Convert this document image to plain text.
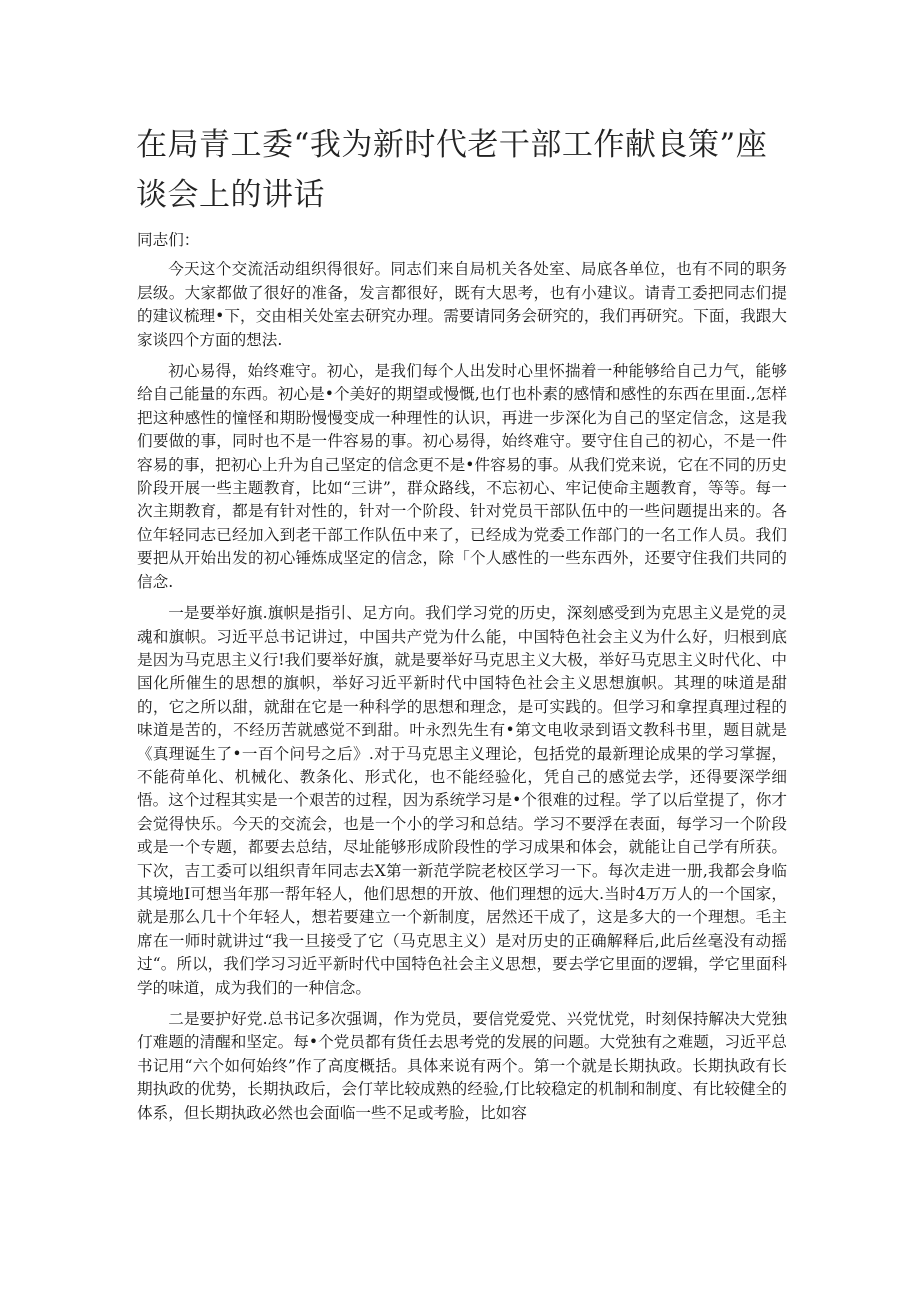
在局青工委“我为新时代老干部工作献良策”座谈会上的讲话

同志们：

今天这个交流活动组织得很好。同志们来自局机关各处室、局底各单位，也有不同的职务层级。大家都做了很好的准备，发言都很好，既有大思考，也有小建议。请青工委把同志们提的建议梳理•下，交由相关处室去研究办理。需要请同务会研究的，我们再研究。下面，我跟大家谈四个方面的想法.

初心易得，始终难守。初心，是我们每个人出发时心里怀揣着一种能够给自己力气，能够给自己能量的东西。初心是•个美好的期望或慢慨,也仃也朴素的感情和感性的东西在里面.,怎样把这种感性的憧怪和期盼慢慢变成一种理性的认识，再进一步深化为自己的坚定信念，这是我们要做的事，同时也不是一件容易的事。初心易得，始终难守。要守住自己的初心，不是一件容易的事，把初心上升为自己坚定的信念更不是•件容易的事。从我们党来说，它在不同的历史阶段开展一些主题教育，比如“三讲”，群众路线，不忘初心、牢记使命主题教育，等等。每一次主期教育，都是有针对性的，针对一个阶段、针对党员干部队伍中的一些问题提出来的。各位年轻同志已经加入到老干部工作队伍中来了，已经成为党委工作部门的一名工作人员。我们要把从开始出发的初心锤炼成坚定的信念，除「个人感性的一些东西外，还要守住我们共同的信念.

一是要举好旗.旗帜是指引、足方向。我们学习党的历史，深刻感受到为克思主义是党的灵魂和旗帜。习近平总书记讲过，中国共产党为什么能，中国特色社会主义为什么好，归根到底是因为马克思主义行!我们要举好旗，就是要举好马克思主义大极，举好马克思主义时代化、中国化所催生的思想的旗帜，举好习近平新时代中国特色社会主义思想旗帜。其理的味道是甜的，它之所以甜，就甜在它是一种科学的思想和理念，是可实践的。但学习和拿捏真理过程的味道是苦的，不经历苦就感觉不到甜。叶永烈先生有•第文电收录到语文教科书里，题目就是《真理诞生了•一百个问号之后》.对于马克思主义理论，包括党的最新理论成果的学习掌握，不能荷单化、机械化、教条化、形式化，也不能经验化，凭自己的感觉去学，还得要深学细悟。这个过程其实是一个艰苦的过程，因为系统学习是•个很难的过程。学了以后堂提了，你才会觉得快乐。今天的交流会，也是一个小的学习和总结。学习不要浮在表面，每学习一个阶段或是一个专题，都要去总结，尽址能够形成阶段性的学习成果和体会，就能让自己学有所获。下次，吉工委可以组织青年同志去X第一新范学院老校区学习一下。每次走进一册,我都会身临其境地I可想当年那一帮年轻人，他们思想的开放、他们理想的远大.当时4万万人的一个国家，就是那么几十个年轻人，想若要建立一个新制度，居然还干成了，这是多大的一个理想。毛主席在一师时就讲过“我一旦接受了它（马克思主义）是对历史的正确解释后,此后丝毫没有动摇过“。所以，我们学习习近平新时代中国特色社会主义思想，要去学它里面的逻辑，学它里面科学的味道，成为我们的一种信念。

二是要护好党.总书记多次强调，作为党员，要信党爱党、兴党忧党，时刻保持解决大党独仃难题的清醒和坚定。每•个党员都有货任去思考党的发展的问题。大党独有之难题，习近平总书记用“六个如何始终”作了高度概括。具体来说有两个。第一个就是长期执政。长期执政有长期执政的优势，长期执政后，会仃苹比较成熟的经验,仃比较稳定的机制和制度、有比较健全的体系，但长期执政必然也会面临一些不足或考脸，比如容
